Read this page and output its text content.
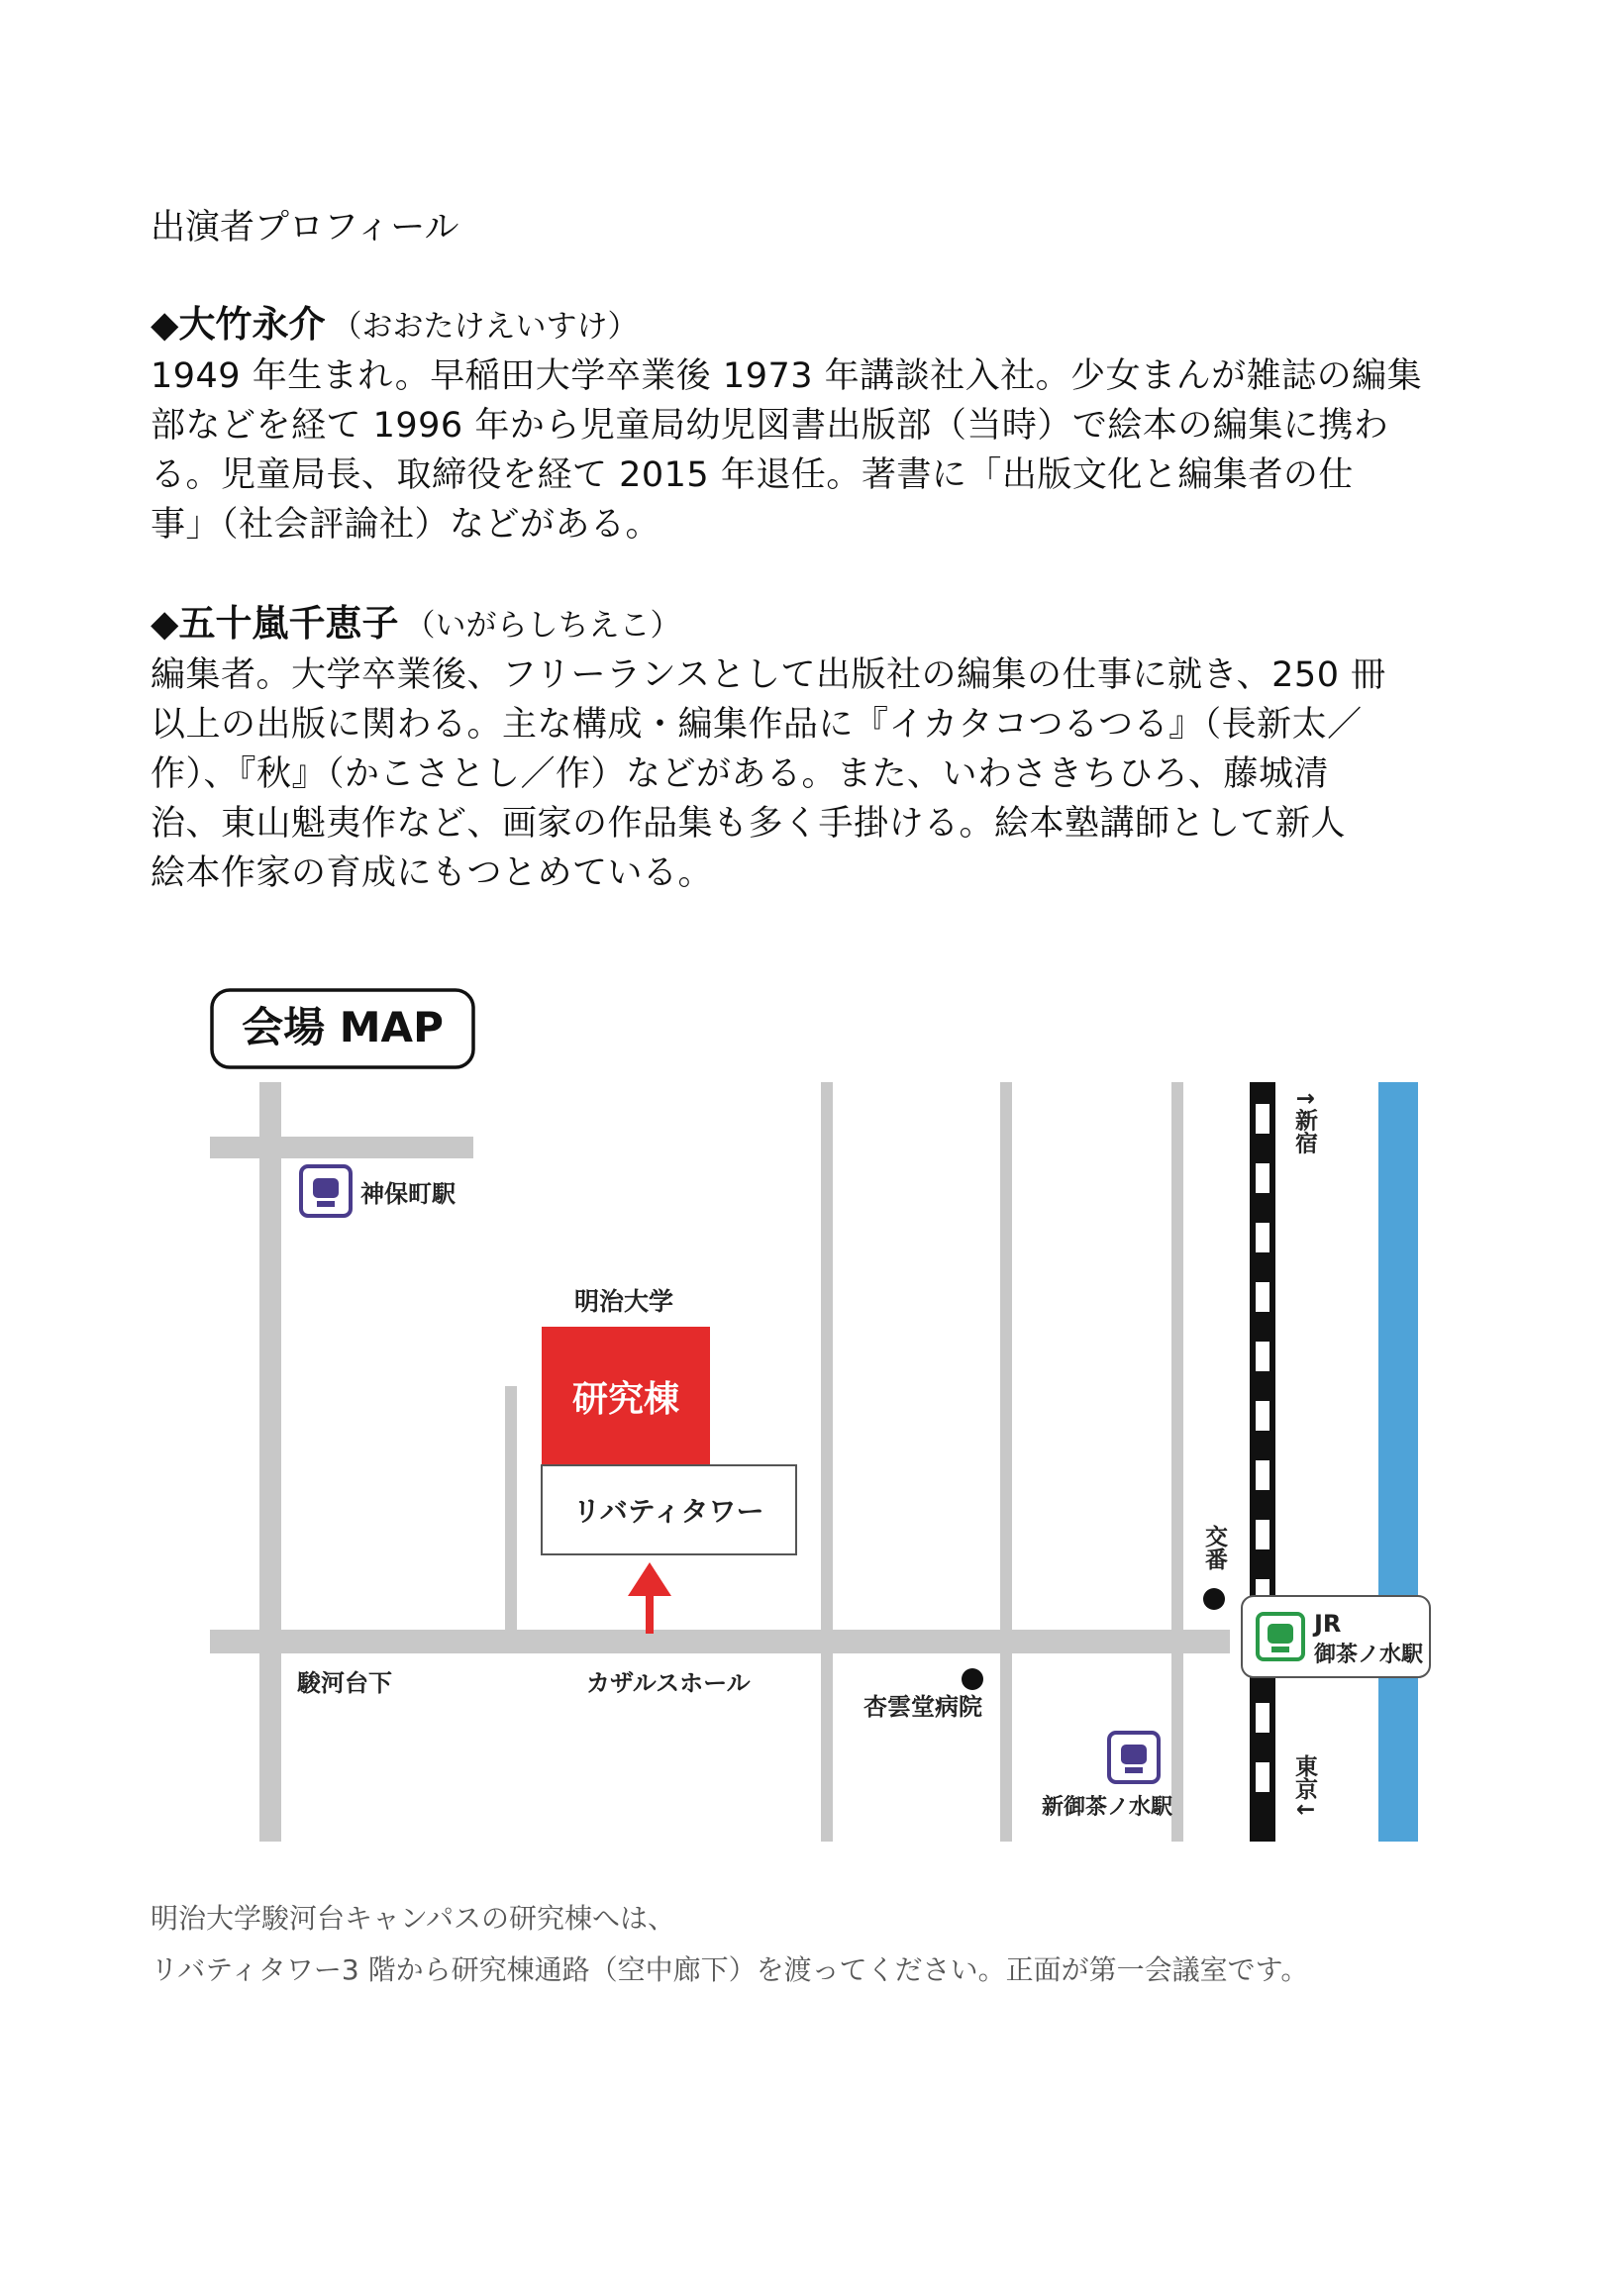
出演者プロフィール
◆大竹永介 （おおたけえいすけ）

1949 年生まれ。早稲田大学卒業後 1973 年講談社入社。少女まんが雑誌の編集
部などを経て 1996 年から児童局幼児図書出版部（当時）で絵本の編集に携わ
る。児童局長、取締役を経て 2015 年退任。著書に「出版文化と編集者の仕
事」（社会評論社）などがある。

◆五十嵐千恵子 （いがらしちえこ）

編集者。大学卒業後、フリーランスとして出版社の編集の仕事に就き、250 冊
以上の出版に関わる。主な構成・編集作品に『イカタコつるつる』（長新太／
作）、『秋』（かこさとし／作）などがある。また、いわさきちひろ、藤城清
治、東山魁夷作など、画家の作品集も多く手掛ける。絵本塾講師として新人
絵本作家の育成にもつとめている。

会場 MAP
神保町駅
明治大学
研究棟
リバティタワー
駿河台下	カザルスホール
杏雲堂病院
新御茶ノ水駅
交番
JR
御茶ノ水駅
↑新宿
東京↓
明治大学駿河台キャンパスの研究棟へは、
リバティタワー3 階から研究棟通路（空中廊下）を渡ってください。正面が第一会議室です。
